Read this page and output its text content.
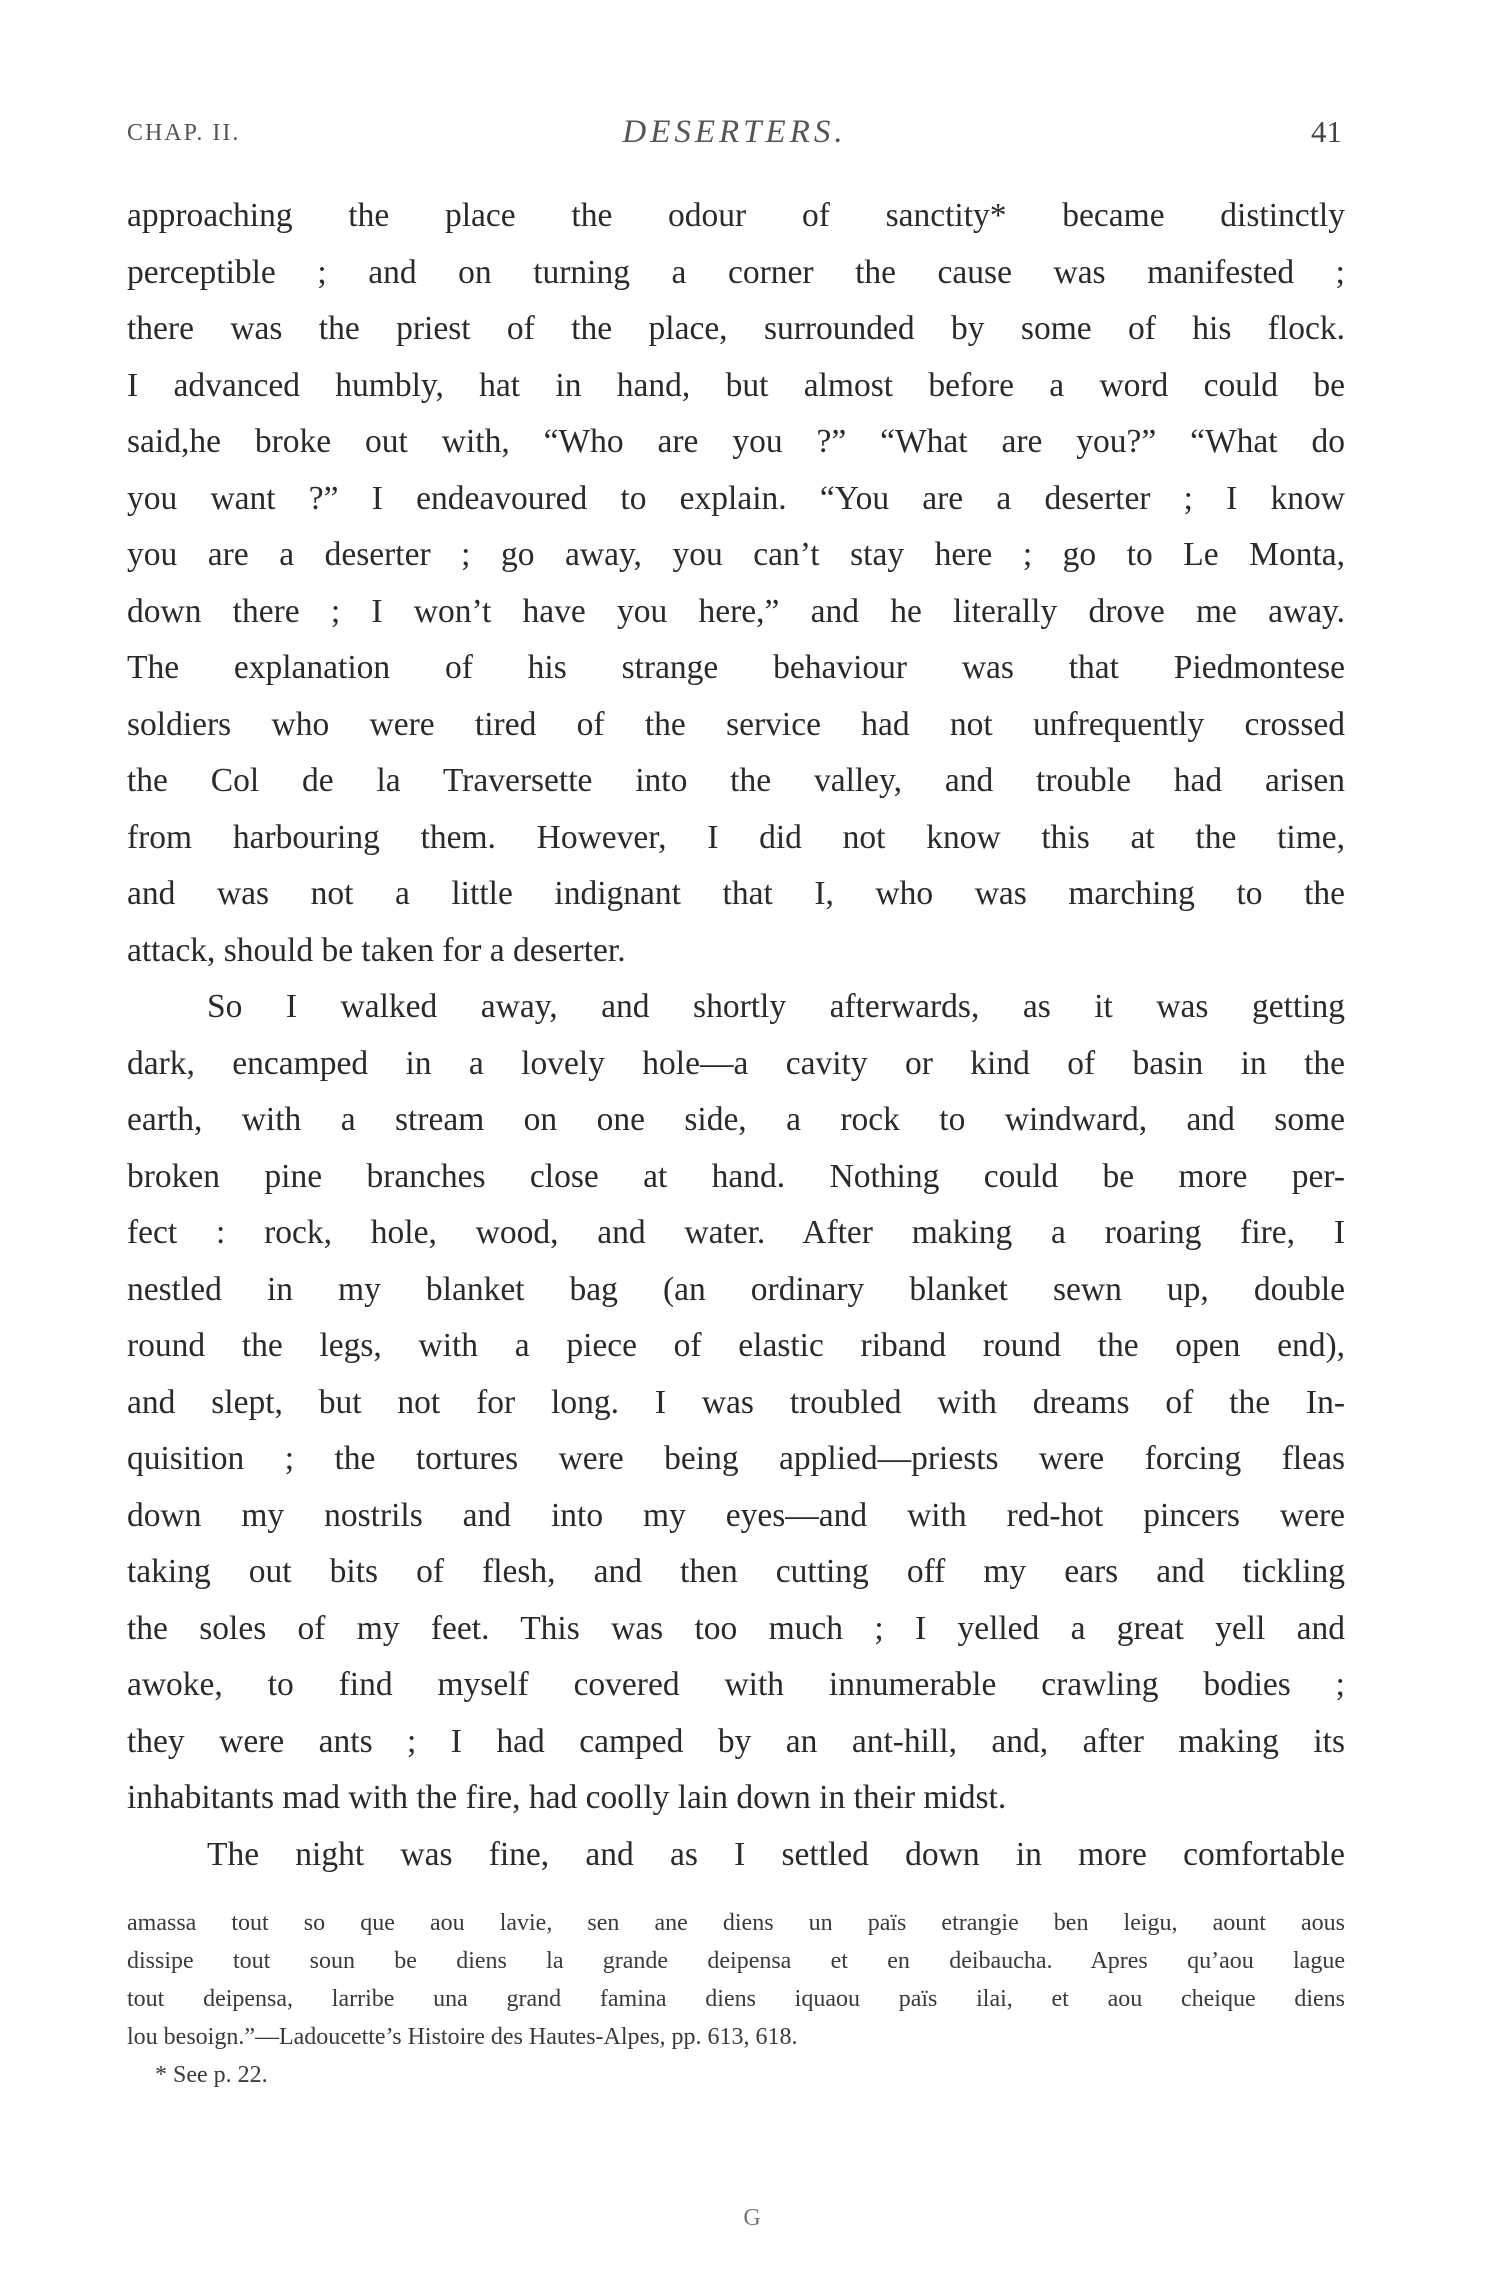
CHAP. II.	DESERTERS.	41
approaching the place the odour of sanctity* became distinctly
perceptible ; and on turning a corner the cause was manifested ;
there was the priest of the place, surrounded by some of his flock.
I advanced humbly, hat in hand, but almost before a word could be
said,he broke out with, “Who are you ?” “What are you?” “What do
you want ?” I endeavoured to explain. “You are a deserter ; I know
you are a deserter ; go away, you can’t stay here ; go to Le Monta,
down there ; I won’t have you here,” and he literally drove me away.
The explanation of his strange behaviour was that Piedmontese
soldiers who were tired of the service had not unfrequently crossed
the Col de la Traversette into the valley, and trouble had arisen
from harbouring them. However, I did not know this at the time,
and was not a little indignant that I, who was marching to the
attack, should be taken for a deserter.
So I walked away, and shortly afterwards, as it was getting
dark, encamped in a lovely hole—a cavity or kind of basin in the
earth, with a stream on one side, a rock to windward, and some
broken pine branches close at hand. Nothing could be more per-
fect : rock, hole, wood, and water. After making a roaring fire, I
nestled in my blanket bag (an ordinary blanket sewn up, double
round the legs, with a piece of elastic riband round the open end),
and slept, but not for long. I was troubled with dreams of the In-
quisition ; the tortures were being applied—priests were forcing fleas
down my nostrils and into my eyes—and with red-hot pincers were
taking out bits of flesh, and then cutting off my ears and tickling
the soles of my feet. This was too much ; I yelled a great yell and
awoke, to find myself covered with innumerable crawling bodies ;
they were ants ; I had camped by an ant-hill, and, after making its
inhabitants mad with the fire, had coolly lain down in their midst.
The night was fine, and as I settled down in more comfortable
amassa tout so que aou lavie, sen ane diens un païs etrangie ben leigu, aount aous
dissipe tout soun be diens la grande deipensa et en deibaucha. Apres qu’aou lague
tout deipensa, larribe una grand famina diens iquaou païs ilai, et aou cheique diens
lou besoign.”—Ladoucette’s Histoire des Hautes-Alpes, pp. 613, 618.
* See p. 22.
G
